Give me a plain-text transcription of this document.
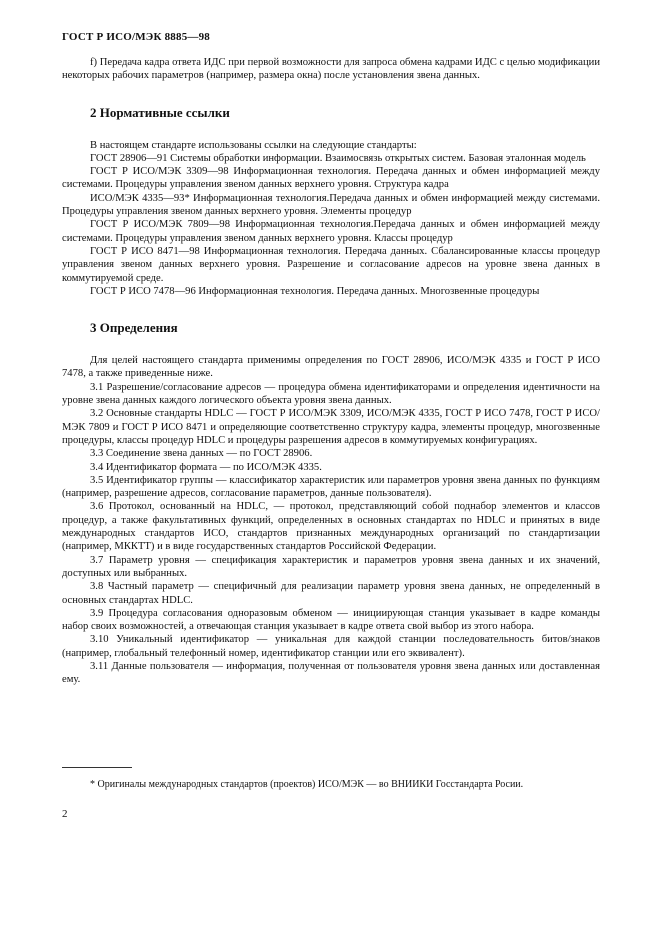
ГОСТ Р ИСО/МЭК 8885—98

f) Передача кадра ответа ИДС при первой возможности для запроса обмена кадрами ИДС с целью модификации некоторых рабочих параметров (например, размера окна) после установления звена данных.

2 Нормативные ссылки

В настоящем стандарте использованы ссылки на следующие стандарты:

ГОСТ 28906—91 Системы обработки информации. Взаимосвязь открытых систем. Базовая эталонная модель

ГОСТ Р ИСО/МЭК 3309—98 Информационная технология. Передача данных и обмен информацией между системами. Процедуры управления звеном данных верхнего уровня. Структура кадра

ИСО/МЭК 4335—93* Информационная технология.Передача данных и обмен информацией между системами. Процедуры управления звеном данных верхнего уровня. Элементы процедур

ГОСТ Р ИСО/МЭК 7809—98 Информационная технология.Передача данных и обмен информацией между системами. Процедуры управления звеном данных верхнего уровня. Классы процедур

ГОСТ Р ИСО 8471—98 Информационная технология. Передача данных. Сбалансированные классы процедур управления звеном данных верхнего уровня. Разрешение и согласование адресов на уровне звена данных в коммутируемой среде.

ГОСТ Р ИСО 7478—96 Информационная технология. Передача данных. Многозвенные процедуры

3 Определения

Для целей настоящего стандарта применимы определения по ГОСТ 28906, ИСО/МЭК 4335 и ГОСТ Р ИСО 7478, а также приведенные ниже.

3.1 Разрешение/согласование адресов — процедура обмена идентификаторами и определения идентичности на уровне звена данных каждого логического объекта уровня звена данных.

3.2 Основные стандарты HDLC — ГОСТ Р ИСО/МЭК 3309, ИСО/МЭК 4335, ГОСТ Р ИСО 7478, ГОСТ Р ИСО/МЭК 7809 и ГОСТ Р ИСО 8471 и определяющие соответственно структуру кадра, элементы процедур, многозвенные процедуры, классы процедур HDLC и процедуры разрешения адресов в коммутируемых конфигурациях.

3.3 Соединение звена данных — по ГОСТ 28906.

3.4 Идентификатор формата — по ИСО/МЭК 4335.

3.5 Идентификатор группы — классификатор характеристик или параметров уровня звена данных по функциям (например, разрешение адресов, согласование параметров, данные пользователя).

3.6 Протокол, основанный на HDLC, — протокол, представляющий собой поднабор элементов и классов процедур, а также факультативных функций, определенных в основных стандартах по HDLC и принятых в виде международных стандартов ИСО, стандартов признанных международных организаций по стандартизации (например, МККТТ) и в виде государственных стандартов Российской Федерации.

3.7 Параметр уровня — спецификация характеристик и параметров уровня звена данных и их значений, доступных или выбранных.

3.8 Частный параметр — специфичный для реализации параметр уровня звена данных, не определенный в основных стандартах HDLC.

3.9 Процедура согласования одноразовым обменом — инициирующая станция указывает в кадре команды набор своих возможностей, а отвечающая станция указывает в кадре ответа свой выбор из этого набора.

3.10 Уникальный идентификатор — уникальная для каждой станции последовательность битов/знаков (например, глобальный телефонный номер, идентификатор станции или его эквивалент).

3.11 Данные пользователя — информация, полученная от пользователя уровня звена данных или доставленная ему.

* Оригиналы международных стандартов (проектов) ИСО/МЭК — во ВНИИКИ Госстандарта Росии.
2
